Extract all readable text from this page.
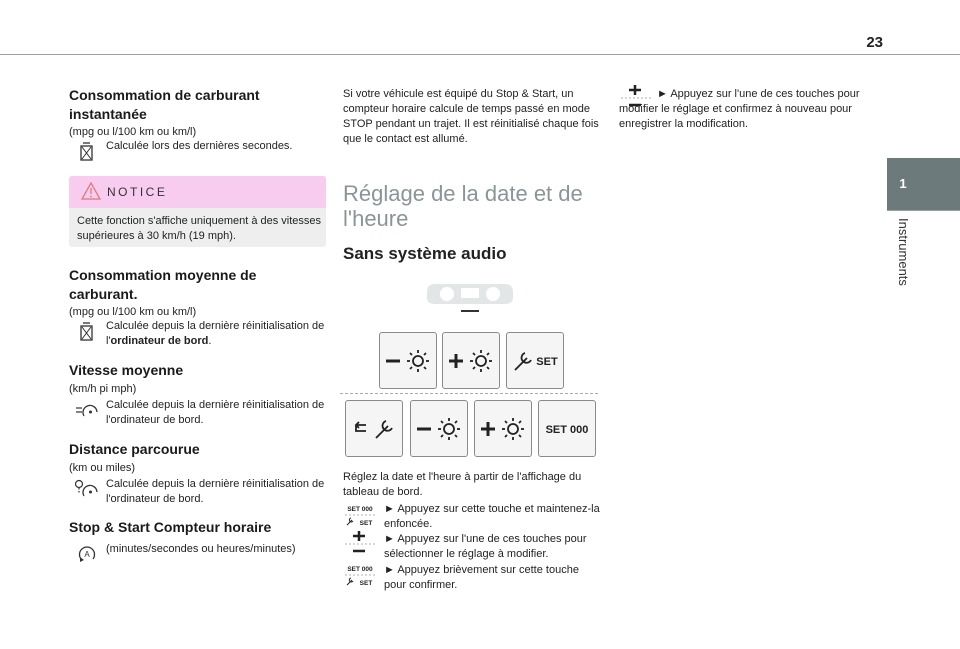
23
1
Instruments
Consommation de carburant instantanée
(mpg ou l/100 km ou km/l)
Calculée lors des dernières secondes.
NOTICE
Cette fonction s'affiche uniquement à des vitesses supérieures à 30 km/h (19 mph).
Consommation moyenne de carburant.
(mpg ou l/100 km ou km/l)
Calculée depuis la dernière réinitialisation de l'ordinateur de bord.
Vitesse moyenne
(km/h pi mph)
Calculée depuis la dernière réinitialisation de l'ordinateur de bord.
Distance parcourue
(km ou miles)
Calculée depuis la dernière réinitialisation de l'ordinateur de bord.
Stop & Start Compteur horaire
A (minutes/secondes ou heures/minutes)
Si votre véhicule est équipé du Stop & Start, un compteur horaire calcule de temps passé en mode STOP pendant un trajet. Il est réinitialisé chaque fois que le contact est allumé.
Réglage de la date et de l'heure
Sans système audio
SET
SET 000
Réglez la date et l'heure à partir de l'affichage du tableau de bord.
SET 000
SET
► Appuyez sur cette touche et maintenez-la enfoncée.
► Appuyez sur l'une de ces touches pour sélectionner le réglage à modifier.
SET 000
SET
► Appuyez brièvement sur cette touche pour confirmer.
► Appuyez sur l'une de ces touches pour modifier le réglage et confirmez à nouveau pour enregistrer la modification.
